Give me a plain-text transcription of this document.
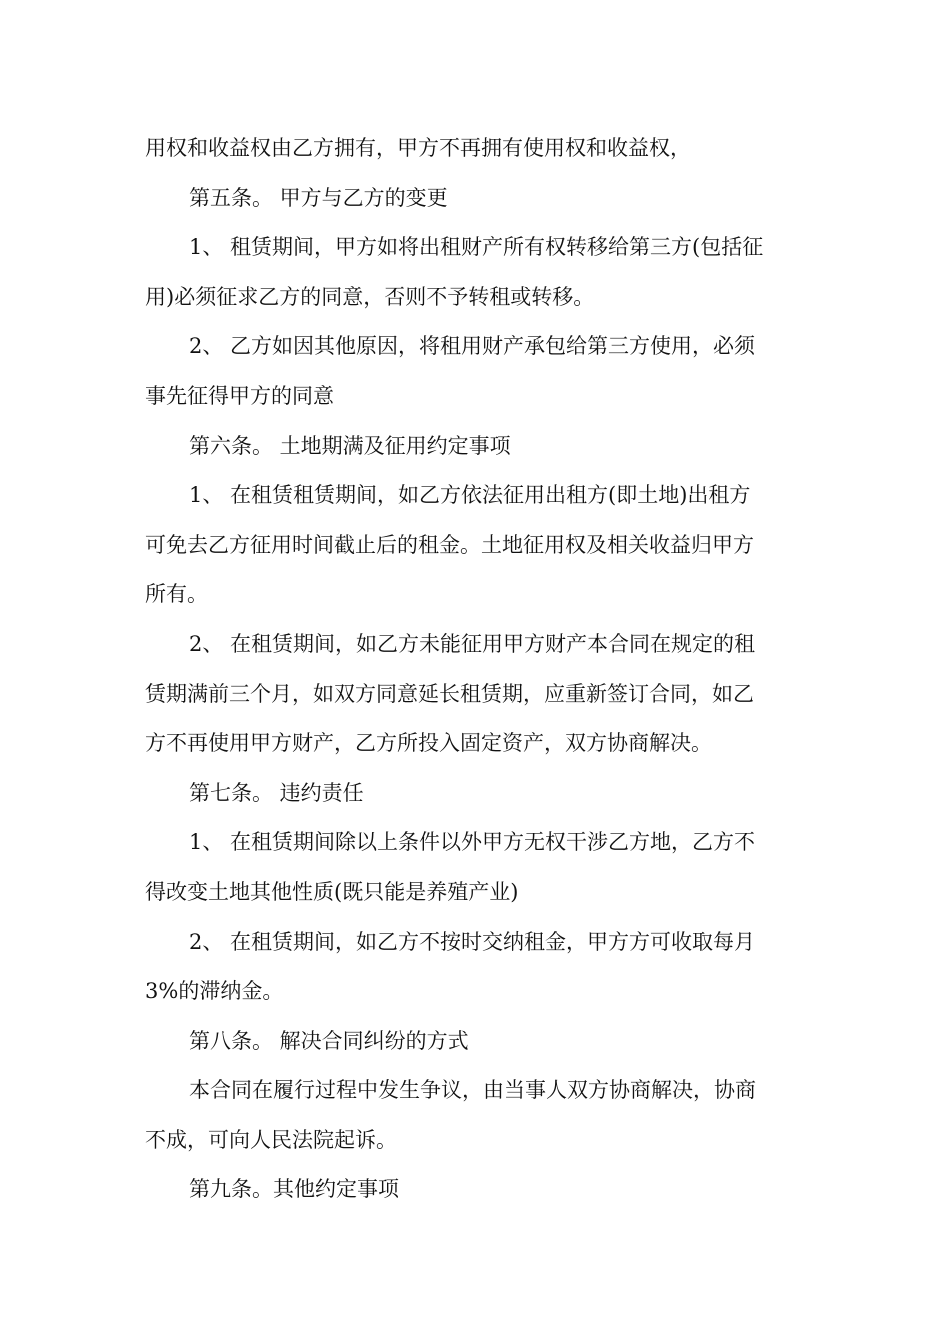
用权和收益权由乙方拥有，甲方不再拥有使用权和收益权，
第五条。 甲方与乙方的变更
1、 租赁期间，甲方如将出租财产所有权转移给第三方(包括征
用)必须征求乙方的同意，否则不予转租或转移。
2、 乙方如因其他原因，将租用财产承包给第三方使用，必须
事先征得甲方的同意
第六条。 土地期满及征用约定事项
1、 在租赁租赁期间，如乙方依法征用出租方(即土地)出租方
可免去乙方征用时间截止后的租金。土地征用权及相关收益归甲方
所有。
2、 在租赁期间，如乙方未能征用甲方财产本合同在规定的租
赁期满前三个月，如双方同意延长租赁期，应重新签订合同，如乙
方不再使用甲方财产，乙方所投入固定资产，双方协商解决。
第七条。 违约责任
1、 在租赁期间除以上条件以外甲方无权干涉乙方地，乙方不
得改变土地其他性质(既只能是养殖产业)
2、 在租赁期间，如乙方不按时交纳租金，甲方方可收取每月
3%的滞纳金。
第八条。 解决合同纠纷的方式
本合同在履行过程中发生争议，由当事人双方协商解决，协商
不成，可向人民法院起诉。
第九条。其他约定事项
